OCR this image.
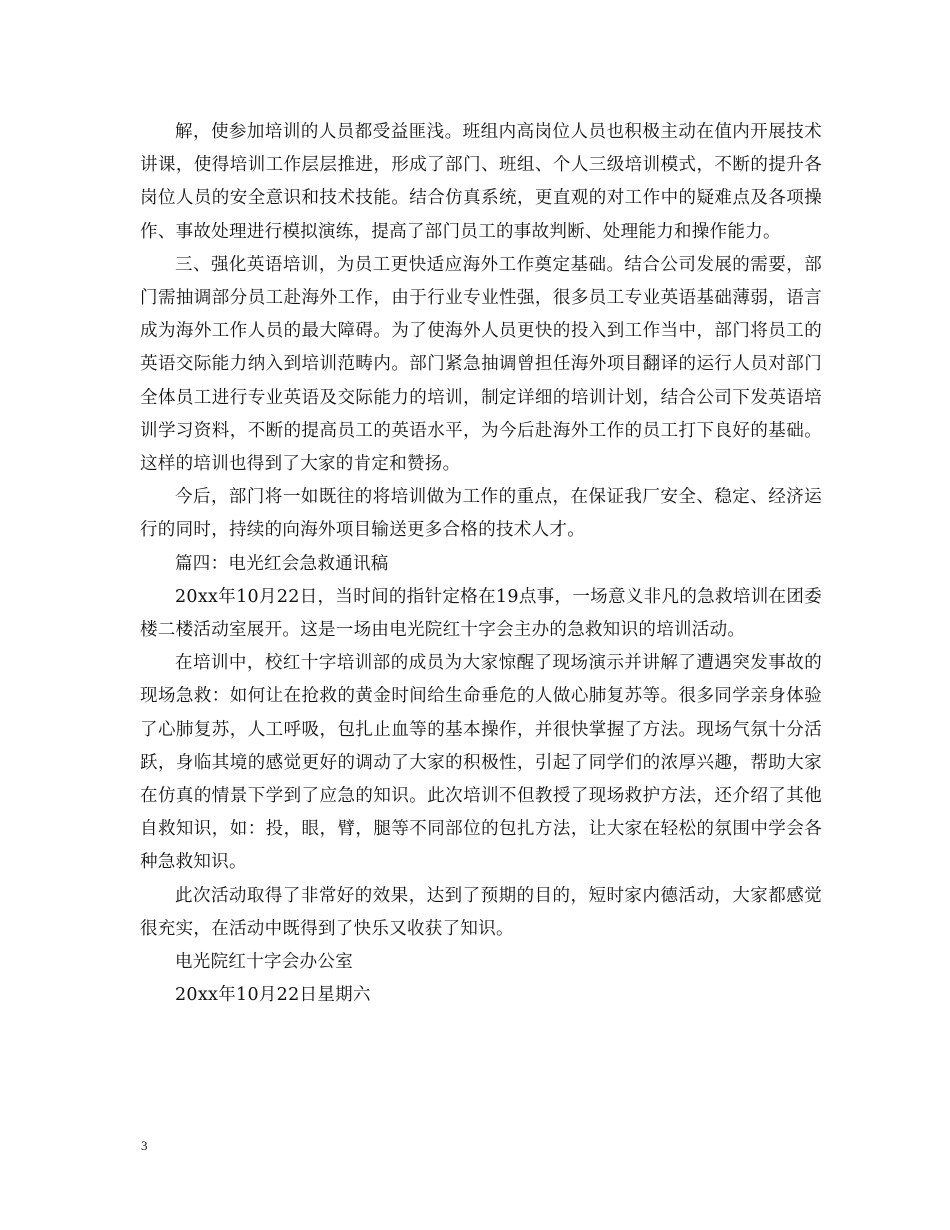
解，使参加培训的人员都受益匪浅。班组内高岗位人员也积极主动在值内开展技术讲课，使得培训工作层层推进，形成了部门、班组、个人三级培训模式，不断的提升各岗位人员的安全意识和技术技能。结合仿真系统，更直观的对工作中的疑难点及各项操作、事故处理进行模拟演练，提高了部门员工的事故判断、处理能力和操作能力。

三、强化英语培训，为员工更快适应海外工作奠定基础。结合公司发展的需要，部门需抽调部分员工赴海外工作，由于行业专业性强，很多员工专业英语基础薄弱，语言成为海外工作人员的最大障碍。为了使海外人员更快的投入到工作当中，部门将员工的英语交际能力纳入到培训范畴内。部门紧急抽调曾担任海外项目翻译的运行人员对部门全体员工进行专业英语及交际能力的培训，制定详细的培训计划，结合公司下发英语培训学习资料，不断的提高员工的英语水平，为今后赴海外工作的员工打下良好的基础。这样的培训也得到了大家的肯定和赞扬。

今后，部门将一如既往的将培训做为工作的重点，在保证我厂安全、稳定、经济运行的同时，持续的向海外项目输送更多合格的技术人才。

篇四：电光红会急救通讯稿

20xx年10月22日，当时间的指针定格在19点事，一场意义非凡的急救培训在团委楼二楼活动室展开。这是一场由电光院红十字会主办的急救知识的培训活动。

在培训中，校红十字培训部的成员为大家惊醒了现场演示并讲解了遭遇突发事故的现场急救：如何让在抢救的黄金时间给生命垂危的人做心肺复苏等。很多同学亲身体验了心肺复苏，人工呼吸，包扎止血等的基本操作，并很快掌握了方法。现场气氛十分活跃，身临其境的感觉更好的调动了大家的积极性，引起了同学们的浓厚兴趣，帮助大家在仿真的情景下学到了应急的知识。此次培训不但教授了现场救护方法，还介绍了其他自救知识，如：投，眼，臂，腿等不同部位的包扎方法，让大家在轻松的氛围中学会各种急救知识。

此次活动取得了非常好的效果，达到了预期的目的，短时家内德活动，大家都感觉很充实，在活动中既得到了快乐又收获了知识。

电光院红十字会办公室

20xx年10月22日星期六

3
